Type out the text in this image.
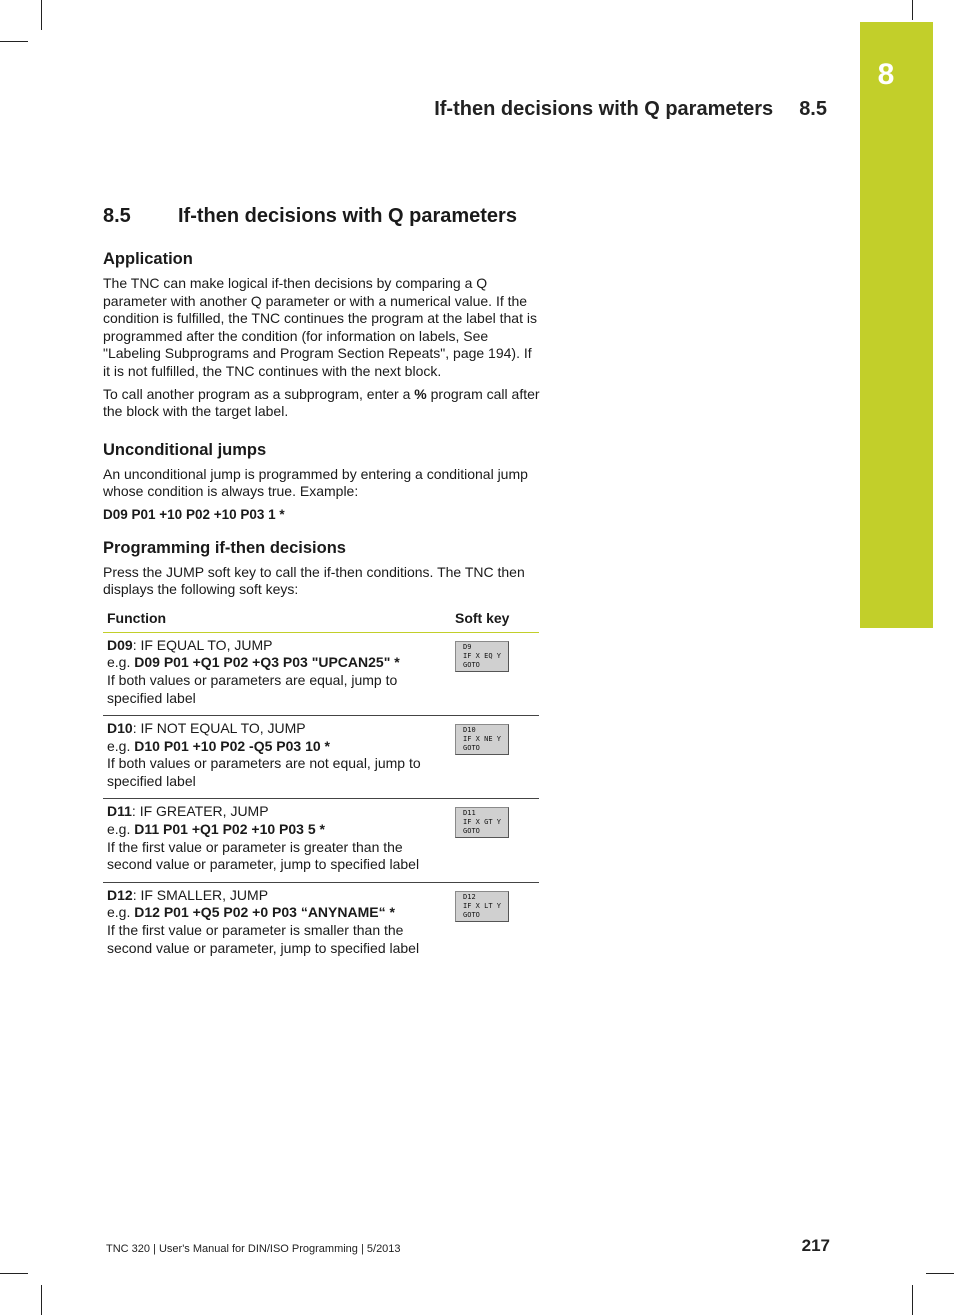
8
If-then decisions with Q parameters 8.5
8.5 If-then decisions with Q parameters
Application

The TNC can make logical if-then decisions by comparing a Q parameter with another Q parameter or with a numerical value. If the condition is fulfilled, the TNC continues the program at the label that is programmed after the condition (for information on labels, See "Labeling Subprograms and Program Section Repeats", page 194). If it is not fulfilled, the TNC continues with the next block.

To call another program as a subprogram, enter a % program call after the block with the target label.

Unconditional jumps

An unconditional jump is programmed by entering a conditional jump whose condition is always true. Example:

D09 P01 +10 P02 +10 P03 1 *

Programming if-then decisions

Press the JUMP soft key to call the if-then conditions. The TNC then displays the following soft keys:

Function	Soft key
D09: IF EQUAL TO, JUMP
e.g. D09 P01 +Q1 P02 +Q3 P03 "UPCAN25" *
If both values or parameters are equal, jump to specified label	D9
IF X EQ Y
GOTO

D10: IF NOT EQUAL TO, JUMP
e.g. D10 P01 +10 P02 -Q5 P03 10 *
If both values or parameters are not equal, jump to specified label	D10
IF X NE Y
GOTO

D11: IF GREATER, JUMP
e.g. D11 P01 +Q1 P02 +10 P03 5 *
If the first value or parameter is greater than the second value or parameter, jump to specified label	D11
IF X GT Y
GOTO

D12: IF SMALLER, JUMP
e.g. D12 P01 +Q5 P02 +0 P03 “ANYNAME“ *
If the first value or parameter is smaller than the second value or parameter, jump to specified label	D12
IF X LT Y
GOTO
TNC 320 | User's Manual for DIN/ISO Programming | 5/2013	217
